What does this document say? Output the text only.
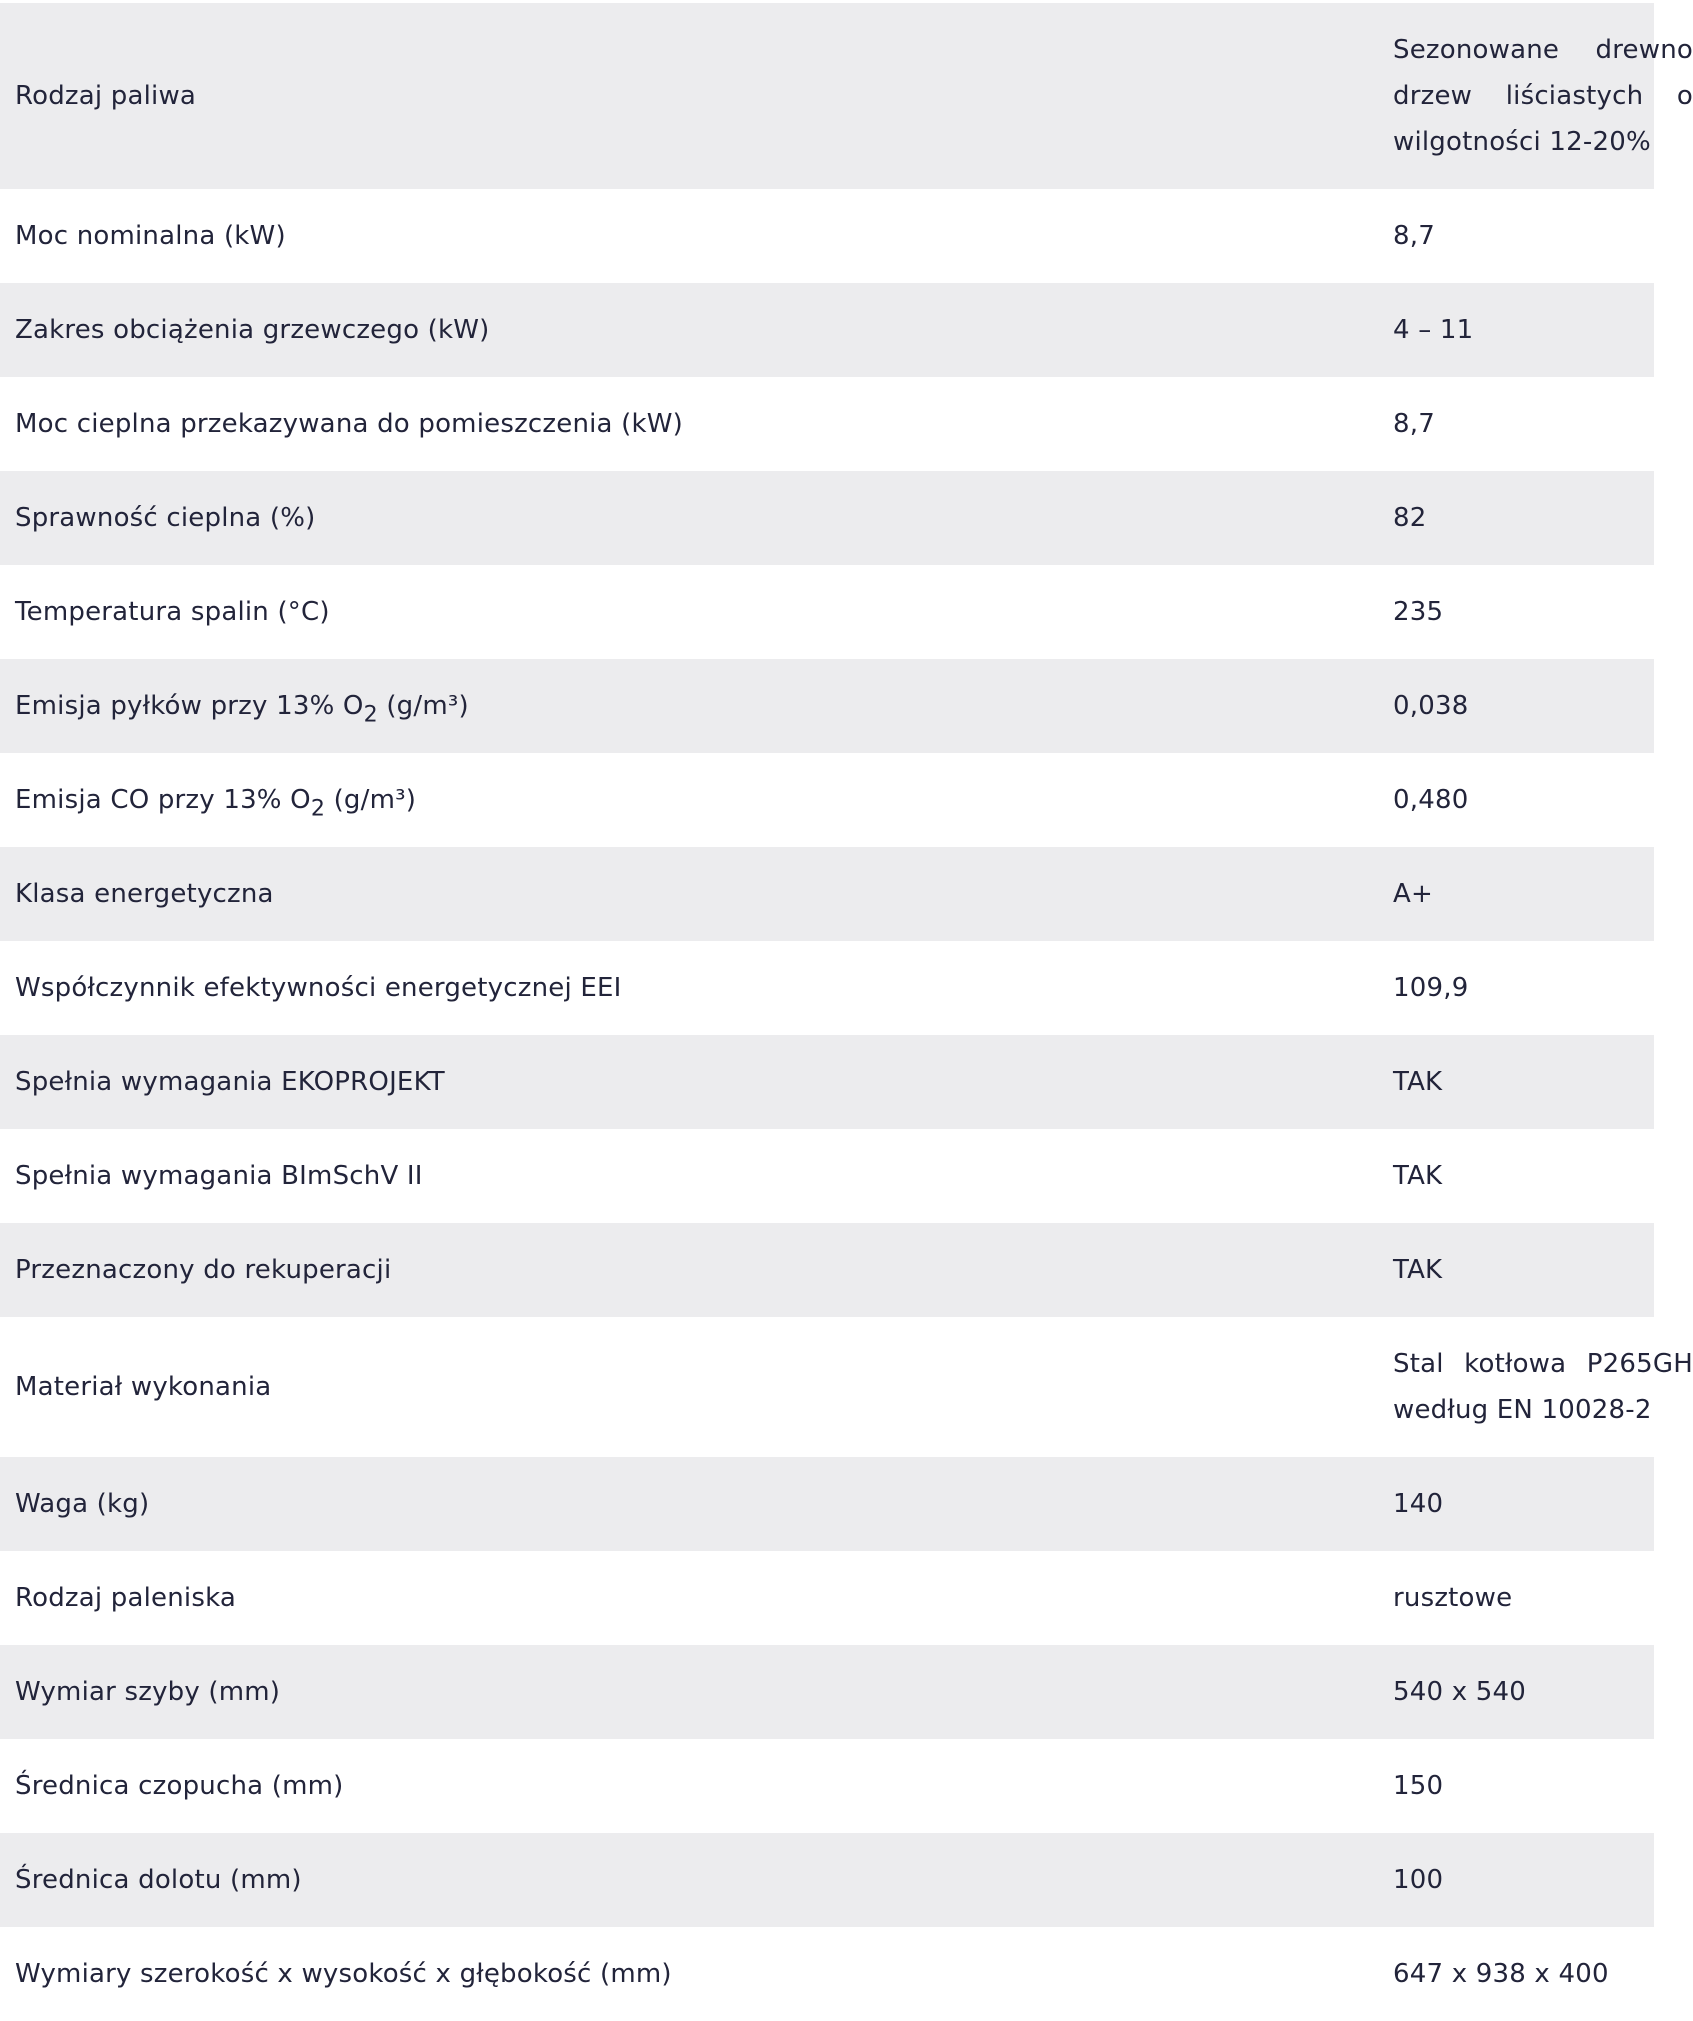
Rodzaj paliwa	Sezonowane drewno drzew liściastych o wilgotności 12-20%

Moc nominalna (kW)	8,7

Zakres obciążenia grzewczego (kW)	4 – 11

Moc cieplna przekazywana do pomieszczenia (kW)	8,7

Sprawność cieplna (%)	82

Temperatura spalin (°C)	235

Emisja pyłków przy 13% $O_2$ (g/m³)	0,038

Emisja CO przy 13% $O_2$ (g/m³)	0,480

Klasa energetyczna	A+

Współczynnik efektywności energetycznej EEI	109,9

Spełnia wymagania EKOPROJEKT	TAK

Spełnia wymagania BImSchV II	TAK

Przeznaczony do rekuperacji	TAK

Materiał wykonania	Stal kotłowa P265GH według EN 10028-2

Waga (kg)	140

Rodzaj paleniska	rusztowe

Wymiar szyby (mm)	540 x 540

Średnica czopucha (mm)	150

Średnica dolotu (mm)	100

Wymiary szerokość x wysokość x głębokość (mm)	647 x 938 x 400
